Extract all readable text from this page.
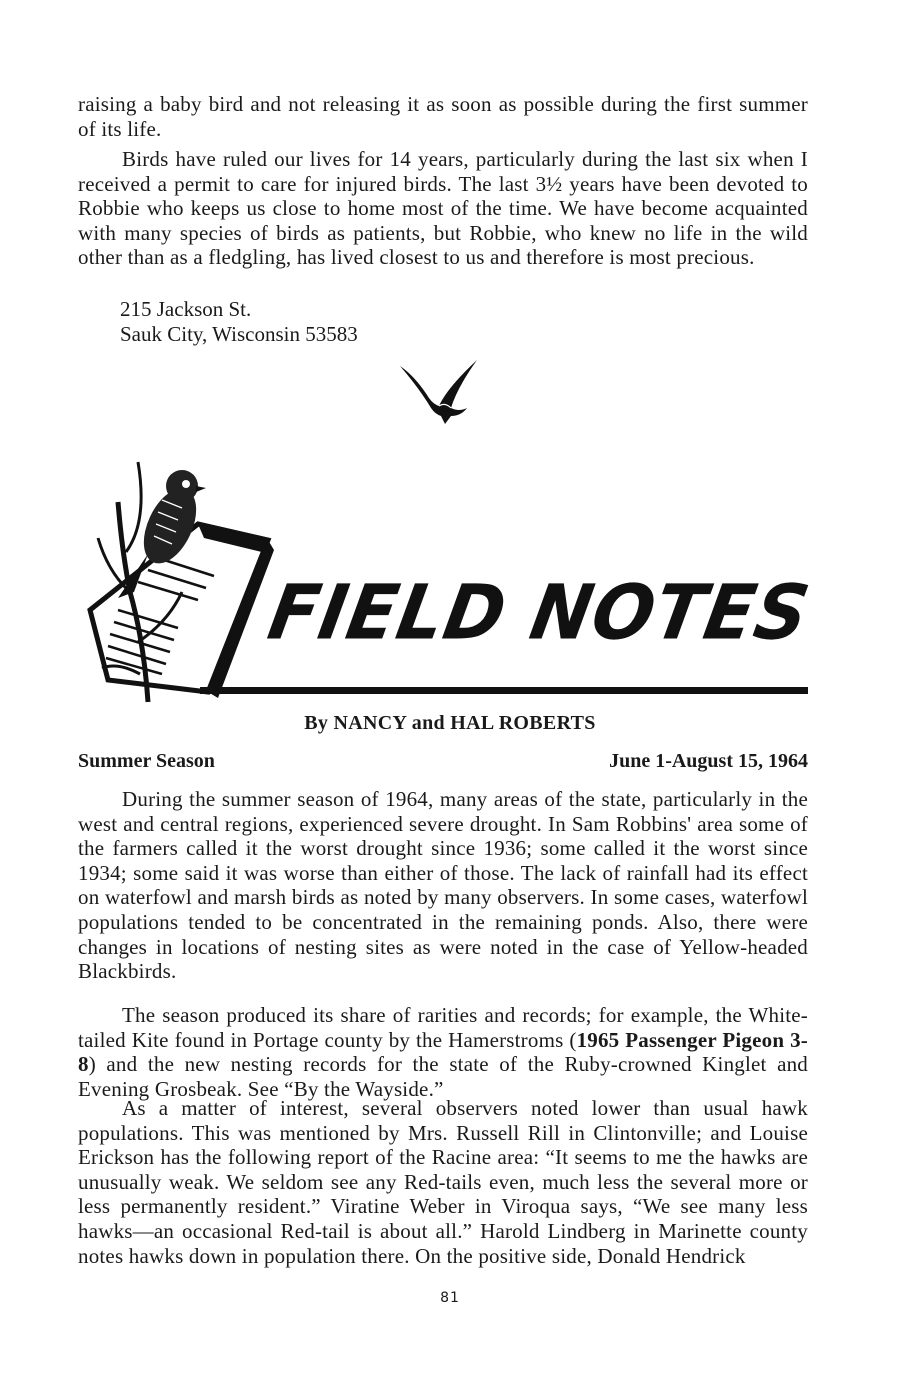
raising a baby bird and not releasing it as soon as possible during the first summer of its life.

Birds have ruled our lives for 14 years, particularly during the last six when I received a permit to care for injured birds. The last 3½ years have been devoted to Robbie who keeps us close to home most of the time. We have become acquainted with many species of birds as patients, but Robbie, who knew no life in the wild other than as a fledgling, has lived closest to us and therefore is most precious.

215 Jackson St.
Sauk City, Wisconsin 53583
FIELD NOTES
By NANCY and HAL ROBERTS
Summer Season	June 1-August 15, 1964

During the summer season of 1964, many areas of the state, particularly in the west and central regions, experienced severe drought. In Sam Robbins' area some of the farmers called it the worst drought since 1936; some called it the worst since 1934; some said it was worse than either of those. The lack of rainfall had its effect on waterfowl and marsh birds as noted by many observers. In some cases, waterfowl populations tended to be concentrated in the remaining ponds. Also, there were changes in locations of nesting sites as were noted in the case of Yellow-headed Blackbirds.

The season produced its share of rarities and records; for example, the White-tailed Kite found in Portage county by the Hamerstroms (1965 Passenger Pigeon 3-8) and the new nesting records for the state of the Ruby-crowned Kinglet and Evening Grosbeak. See “By the Wayside.”

As a matter of interest, several observers noted lower than usual hawk populations. This was mentioned by Mrs. Russell Rill in Clintonville; and Louise Erickson has the following report of the Racine area: “It seems to me the hawks are unusually weak. We seldom see any Red-tails even, much less the several more or less permanently resident.” Viratine Weber in Viroqua says, “We see many less hawks—an occasional Red-tail is about all.” Harold Lindberg in Marinette county notes hawks down in population there. On the positive side, Donald Hendrick

81
